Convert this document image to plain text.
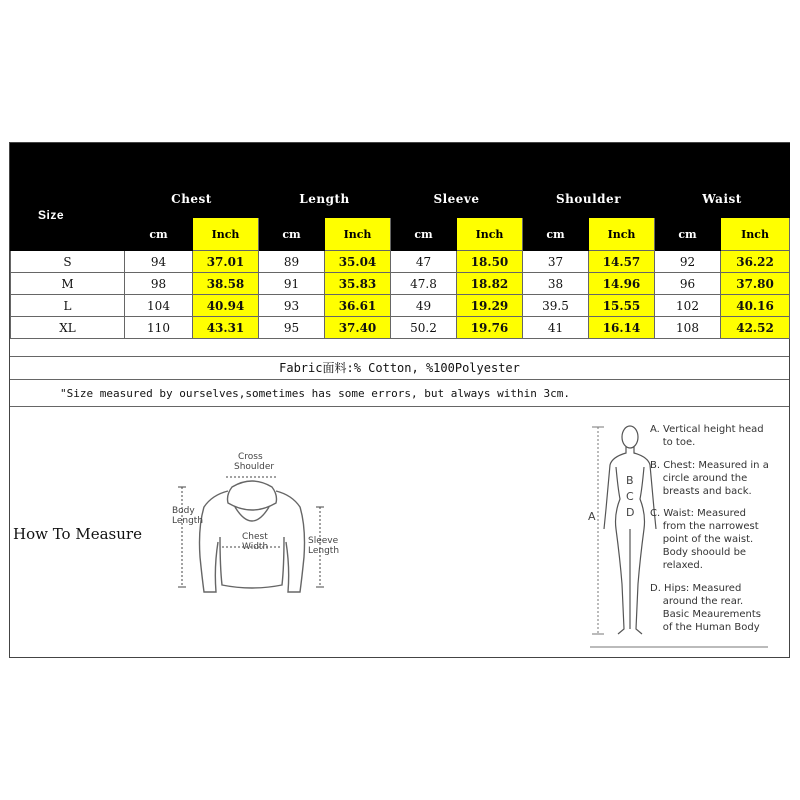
Size	Chest		Length		Sleeve		Shoulder		Waist	
	cm	Inch	cm	Inch	cm	Inch	cm	Inch	cm	Inch
S	94	37.01	89	35.04	47	18.50	37	14.57	92	36.22
M	98	38.58	91	35.83	47.8	18.82	38	14.96	96	37.80
L	104	40.94	93	36.61	49	19.29	39.5	15.55	102	40.16
XL	110	43.31	95	37.40	50.2	19.76	41	16.14	108	42.52
Fabric面料:% Cotton, %100Polyester
"Size measured by ourselves,sometimes has some errors, but always within 3cm.
How To Measure
Cross
Shoulder
Body
Length
Chest
Width
Sleeve
Length
A
B
C
D
A. Vertical height head
to toe.
B. Chest: Measured in a
circle around the
breasts and back.
C. Waist: Measured
from the narrowest
point of the waist.
Body shoould be
relaxed.
D. Hips: Measured
around the rear.
Basic Meaurements
of the Human Body
